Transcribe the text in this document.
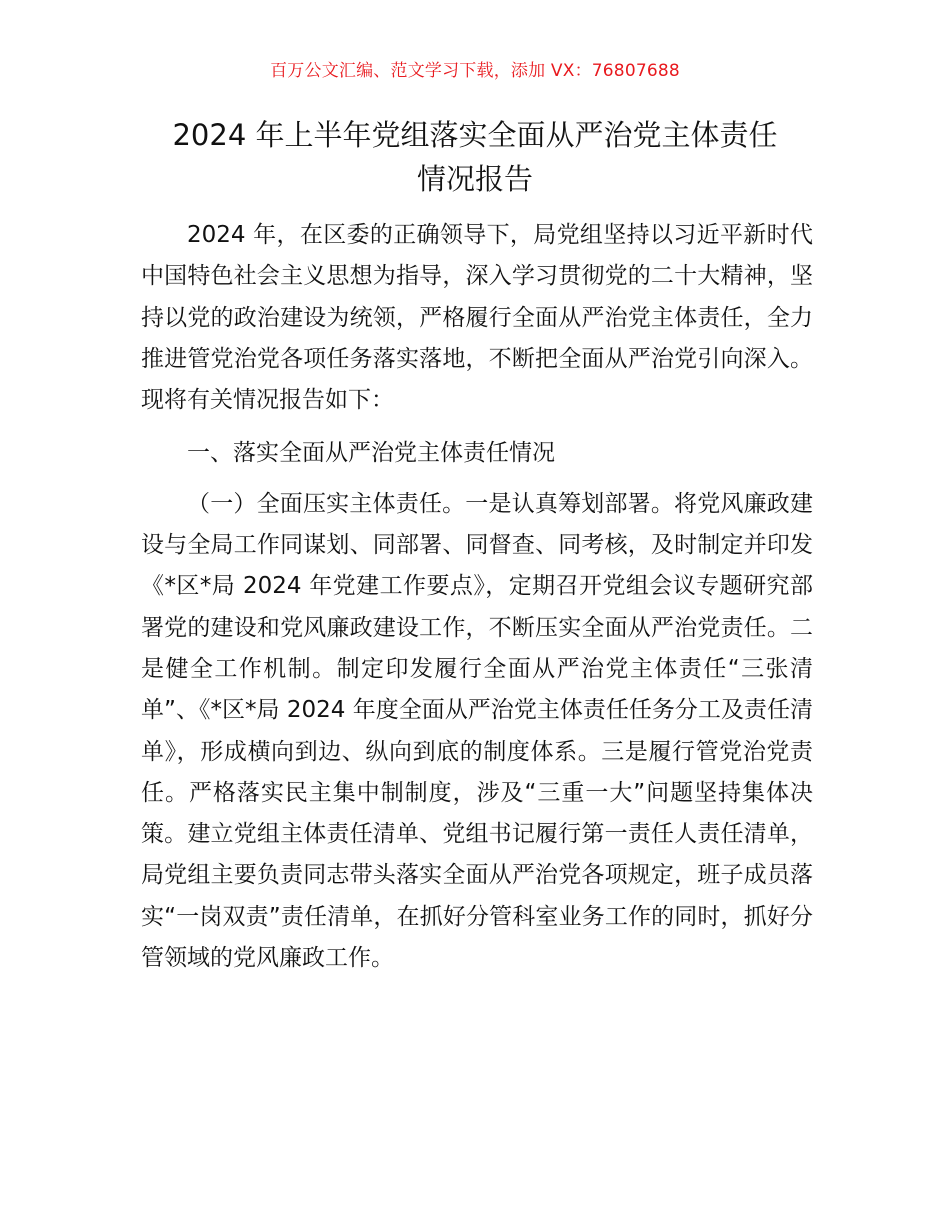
百万公文汇编、范文学习下载，添加 VX：76807688
2024 年上半年党组落实全面从严治党主体责任
情况报告

2024 年，在区委的正确领导下，局党组坚持以习近平新时代中国特色社会主义思想为指导，深入学习贯彻党的二十大精神，坚持以党的政治建设为统领，严格履行全面从严治党主体责任，全力推进管党治党各项任务落实落地，不断把全面从严治党引向深入。现将有关情况报告如下：

一、落实全面从严治党主体责任情况

（一）全面压实主体责任。一是认真筹划部署。将党风廉政建设与全局工作同谋划、同部署、同督查、同考核，及时制定并印发《*区*局 2024 年党建工作要点》，定期召开党组会议专题研究部署党的建设和党风廉政建设工作，不断压实全面从严治党责任。二是健全工作机制。制定印发履行全面从严治党主体责任“三张清单”、《*区*局 2024 年度全面从严治党主体责任任务分工及责任清单》，形成横向到边、纵向到底的制度体系。三是履行管党治党责任。严格落实民主集中制制度，涉及“三重一大”问题坚持集体决策。建立党组主体责任清单、党组书记履行第一责任人责任清单，局党组主要负责同志带头落实全面从严治党各项规定，班子成员落实“一岗双责”责任清单，在抓好分管科室业务工作的同时，抓好分管领域的党风廉政工作。
